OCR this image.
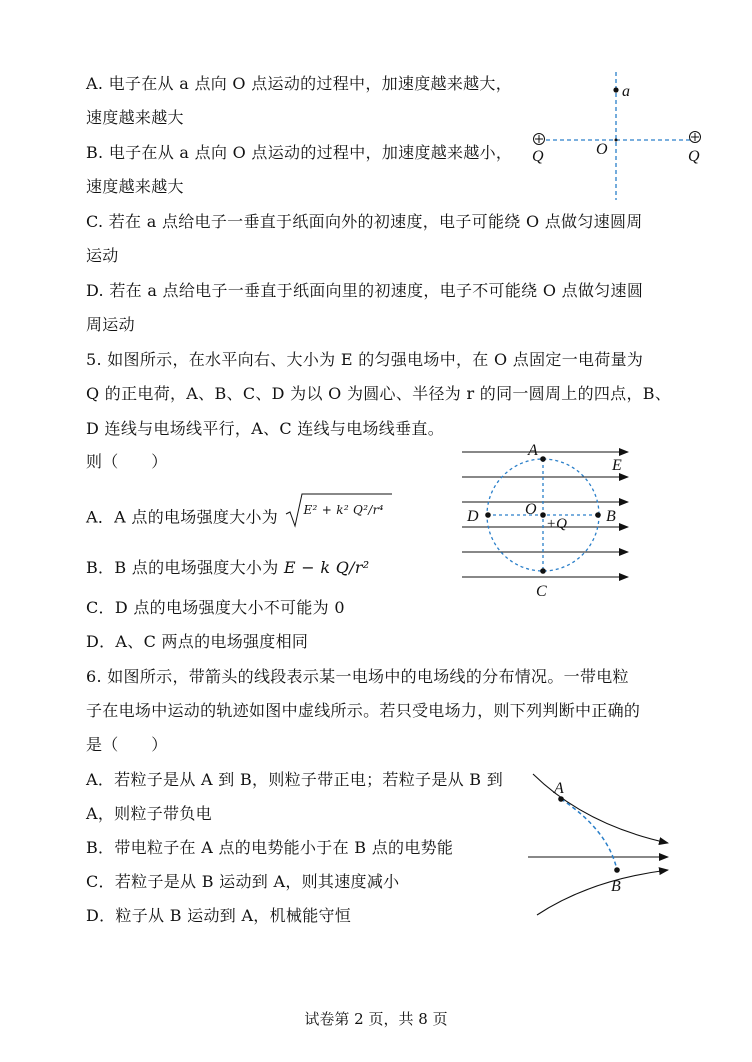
A. 电子在从 a 点向 O 点运动的过程中，加速度越来越大，
速度越来越大
B. 电子在从 a 点向 O 点运动的过程中，加速度越来越小，
速度越来越大
C. 若在 a 点给电子一垂直于纸面向外的初速度，电子可能绕 O 点做匀速圆周
运动
D. 若在 a 点给电子一垂直于纸面向里的初速度，电子不可能绕 O 点做匀速圆
周运动
a
O
Q	Q
5. 如图所示，在水平向右、大小为 E 的匀强电场中，在 O 点固定一电荷量为
Q 的正电荷，A、B、C、D 为以 O 为圆心、半径为 r 的同一圆周上的四点，B、
D 连线与电场线平行，A、C 连线与电场线垂直。
则（　　）
A．A 点的电场强度大小为 E² + k² Q²/r⁴
B．B 点的电场强度大小为 E − k Q/r²
C．D 点的电场强度大小不可能为 0
D．A、C 两点的电场强度相同
A
E
O
+Q
D	B
C
6. 如图所示，带箭头的线段表示某一电场中的电场线的分布情况。一带电粒
子在电场中运动的轨迹如图中虚线所示。若只受电场力，则下列判断中正确的
是（　　）
A．若粒子是从 A 到 B，则粒子带正电；若粒子是从 B 到
A，则粒子带负电
B．带电粒子在 A 点的电势能小于在 B 点的电势能
C．若粒子是从 B 运动到 A，则其速度减小
D．粒子从 B 运动到 A，机械能守恒
A
B
试卷第 2 页，共 8 页
